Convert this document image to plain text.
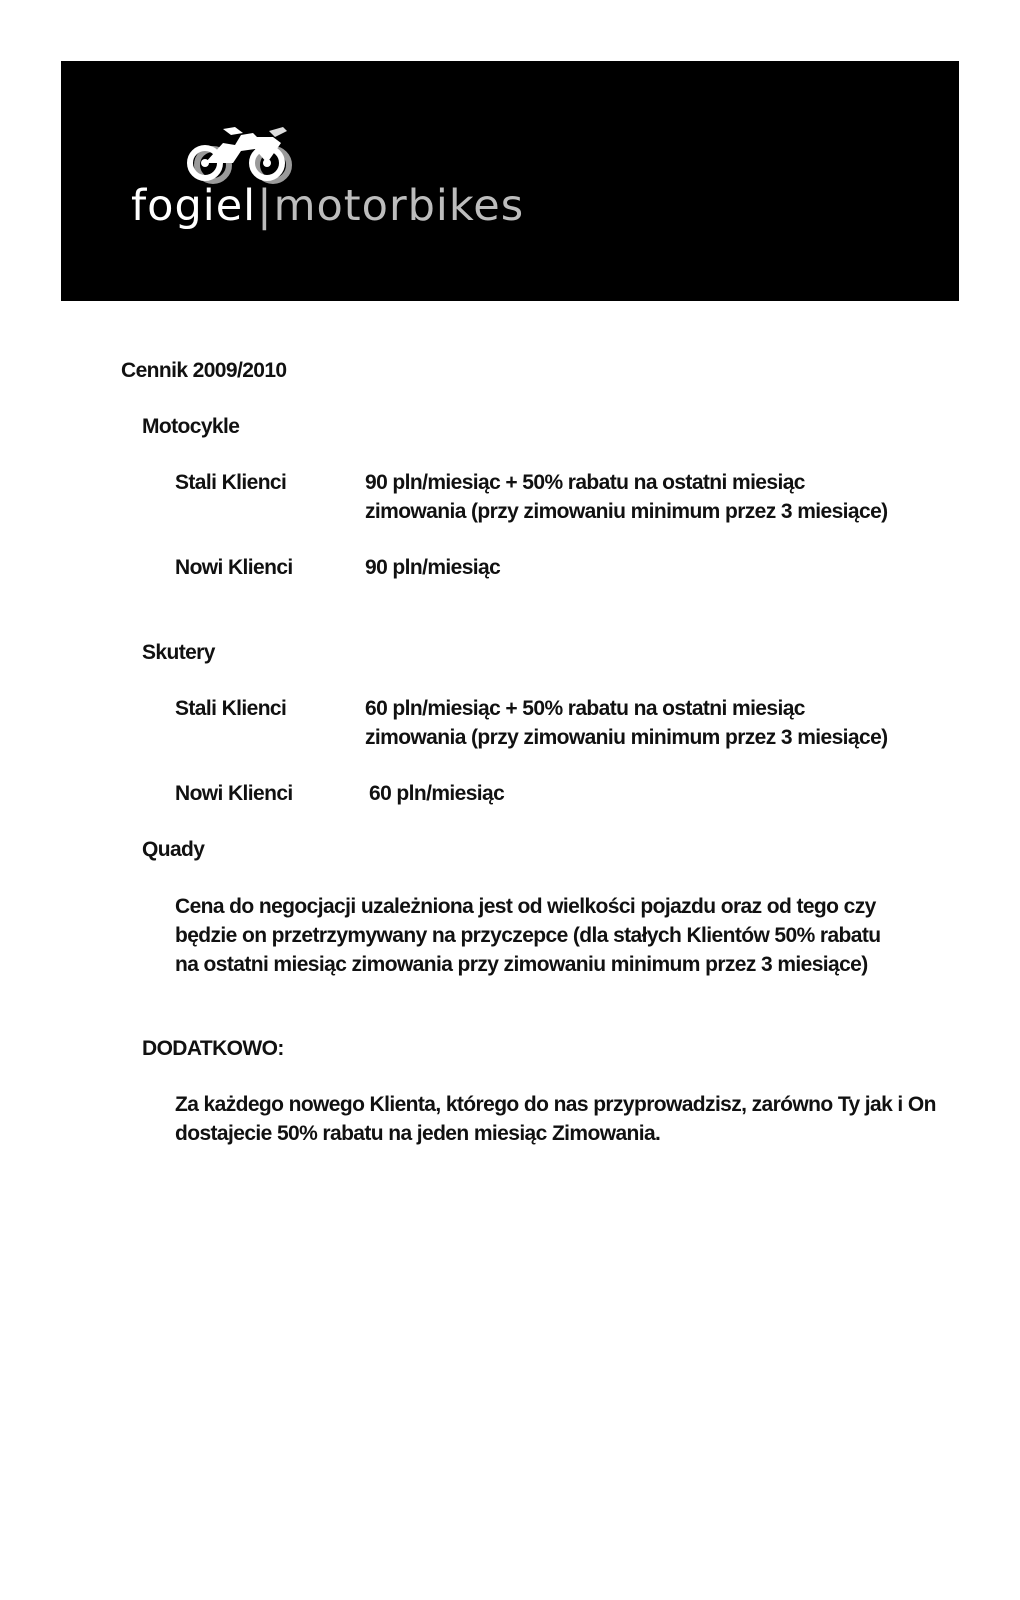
fogiel|motorbikes
Cennik 2009/2010
Motocykle
Stali Klienci	90 pln/miesiąc + 50% rabatu na ostatni miesiąc
zimowania (przy zimowaniu minimum przez 3 miesiące)
Nowi Klienci	90 pln/miesiąc
Skutery
Stali Klienci	60 pln/miesiąc + 50% rabatu na ostatni miesiąc
zimowania (przy zimowaniu minimum przez 3 miesiące)
Nowi Klienci	60 pln/miesiąc
Quady
Cena do negocjacji uzależniona jest od wielkości pojazdu oraz od tego czy
będzie on przetrzymywany na przyczepce (dla stałych Klientów 50% rabatu
na ostatni miesiąc zimowania przy zimowaniu minimum przez 3 miesiące)
DODATKOWO:
Za każdego nowego Klienta, którego do nas przyprowadzisz, zarówno Ty jak i On
dostajecie 50% rabatu na jeden miesiąc Zimowania.
